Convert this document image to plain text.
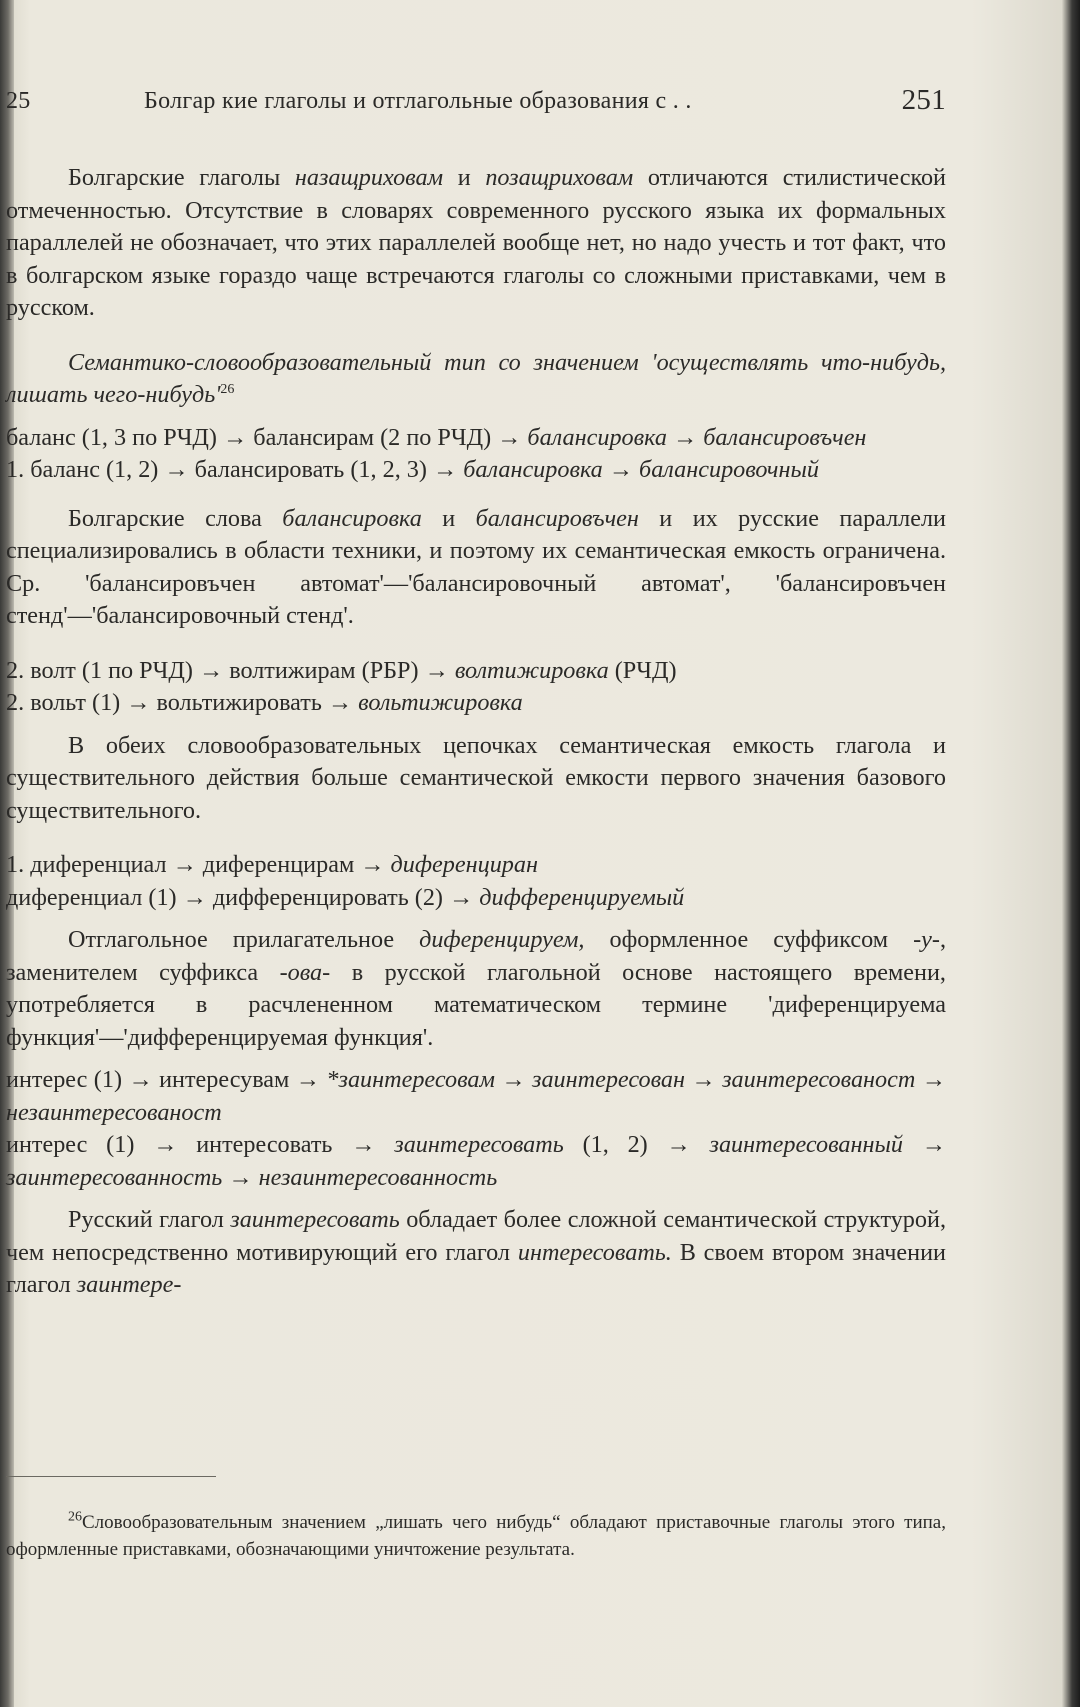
25	Болгар кие глаголы и отглагольные образования с . .	251

Болгарские глаголы назащриховам и позащриховам отличаются стилистической отмеченностью. Отсутствие в словарях современного русского языка их формальных параллелей не обозначает, что этих параллелей вообще нет, но надо учесть и тот факт, что в болгарском языке гораздо чаще встречаются глаголы со сложными приставками, чем в русском.

Семантико-словообразовательный тип со значением 'осуществлять что-нибудь, лишать чего-$нибудь'^{26}$

баланс (1, 3 по РЧД) → балансирам (2 по РЧД) → балансировка → балансировъчен

1. баланс (1, 2) → балансировать (1, 2, 3) → балансировка → балансировочный

Болгарские слова балансировка и балансировъчен и их русские параллели специализировались в области техники, и поэтому их семантическая емкость ограничена. Ср. 'балансировъчен автомат'—'балансировочный автомат', 'балансировъчен стенд'—'балансировочный стенд'.

2. волт (1 по РЧД) → волтижирам (РБР) → волтижировка (РЧД)

2. вольт (1) → вольтижировать → вольтижировка

В обеих словообразовательных цепочках семантическая емкость глагола и существительного действия больше семантической емкости первого значения базового существительного.

1. диференциал → диференцирам → диференциран

диференциал (1) → дифференцировать (2) → дифференцируемый

Отглагольное прилагательное диференцируем, оформленное суффиксом -у-, заменителем суффикса -ова- в русской глагольной основе настоящего времени, употребляется в расчлененном математическом термине 'диференцируема функция'—'дифференцируемая функция'.

интерес (1) → интересувам → *заинтересовам → заинтересован → заинтересованост → незаинтересованост

интерес (1) → интересовать → заинтересовать (1, 2) → заинтересованный → заинтересованность → незаинтересованность

Русский глагол заинтересовать обладает более сложной семантической структурой, чем непосредственно мотивирующий его глагол интересовать. В своем втором значении глагол заинтере-

$^{26}$Словообразовательным значением „лишать чего нибудь“ обладают приставочные глаголы этого типа, оформленные приставками, обозначающими уничтожение результата.
